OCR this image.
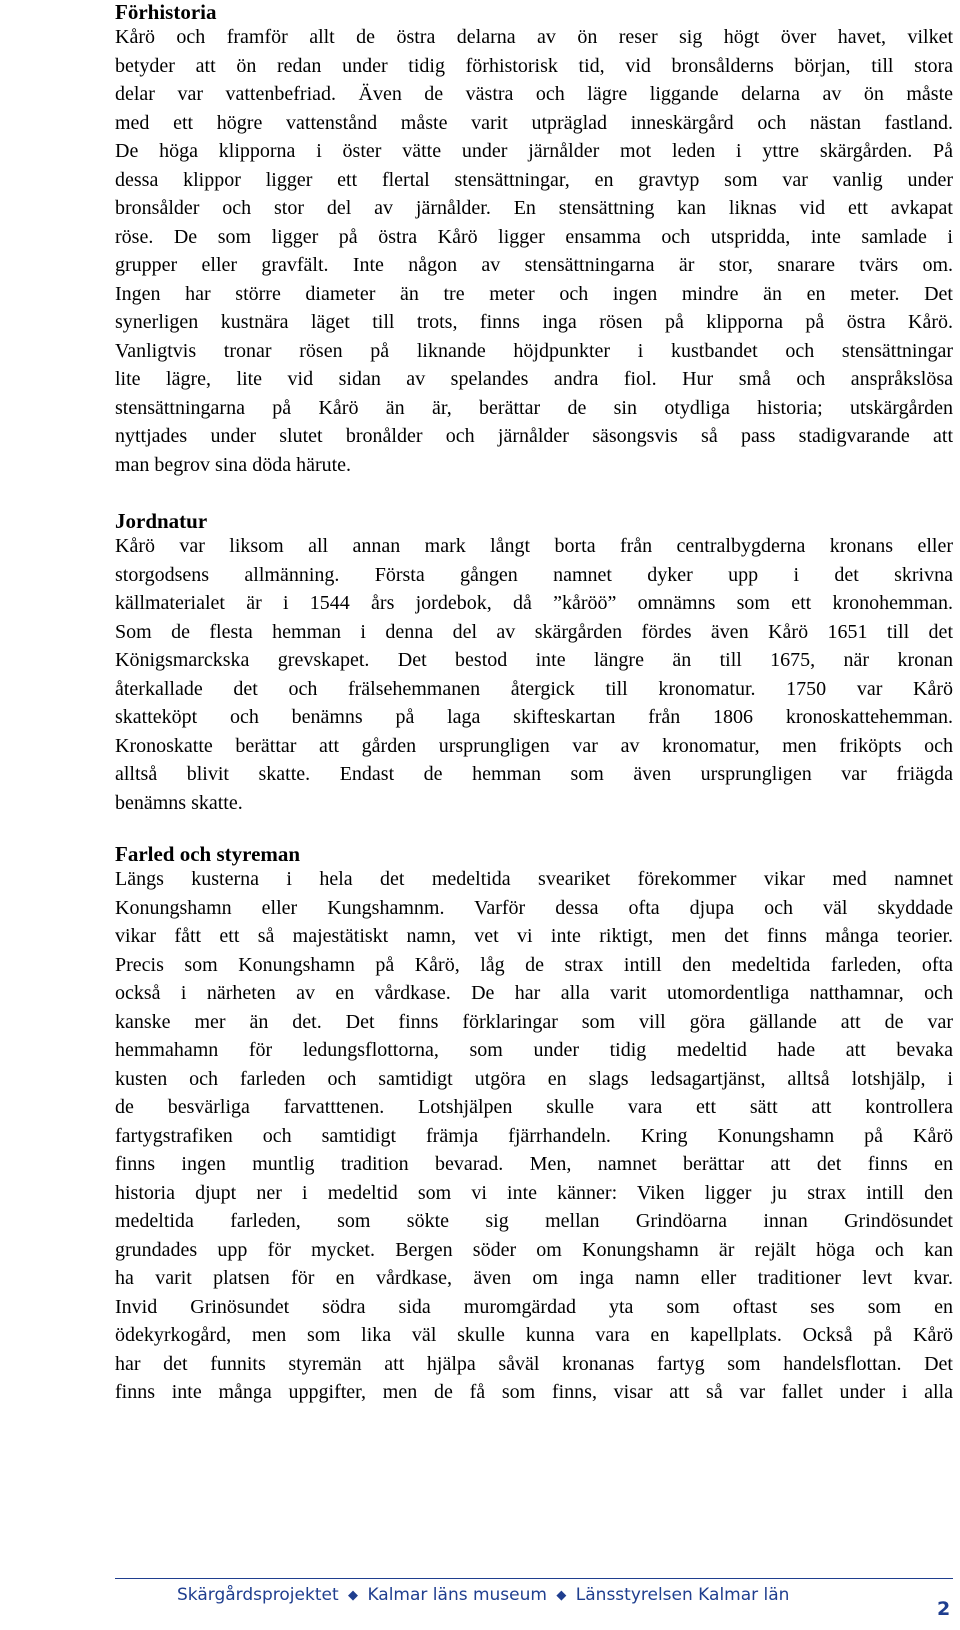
Förhistoria
Kårö och framför allt de östra delarna av ön reser sig högt över havet, vilket
betyder att ön redan under tidig förhistorisk tid, vid bronsålderns början, till stora
delar var vattenbefriad. Även de västra och lägre liggande delarna av ön måste
med ett högre vattenstånd måste varit utpräglad inneskärgård och nästan fastland.
De höga klipporna i öster vätte under järnålder mot leden i yttre skärgården. På
dessa klippor ligger ett flertal stensättningar, en gravtyp som var vanlig under
bronsålder och stor del av järnålder. En stensättning kan liknas vid ett avkapat
röse. De som ligger på östra Kårö ligger ensamma och utspridda, inte samlade i
grupper eller gravfält. Inte någon av stensättningarna är stor, snarare tvärs om.
Ingen har större diameter än tre meter och ingen mindre än en meter. Det
synerligen kustnära läget till trots, finns inga rösen på klipporna på östra Kårö.
Vanligtvis tronar rösen på liknande höjdpunkter i kustbandet och stensättningar
lite lägre, lite vid sidan av spelandes andra fiol. Hur små och anspråkslösa
stensättningarna på Kårö än är, berättar de sin otydliga historia; utskärgården
nyttjades under slutet bronålder och järnålder säsongsvis så pass stadigvarande att
man begrov sina döda härute.
Jordnatur
Kårö var liksom all annan mark långt borta från centralbygderna kronans eller
storgodsens allmänning. Första gången namnet dyker upp i det skrivna
källmaterialet är i 1544 års jordebok, då ”kåröö” omnämns som ett kronohemman.
Som de flesta hemman i denna del av skärgården fördes även Kårö 1651 till det
Königsmarckska grevskapet. Det bestod inte längre än till 1675, när kronan
återkallade det och frälsehemmanen återgick till kronomatur. 1750 var Kårö
skatteköpt och benämns på laga skifteskartan från 1806 kronoskattehemman.
Kronoskatte berättar att gården ursprungligen var av kronomatur, men friköpts och
alltså blivit skatte. Endast de hemman som även ursprungligen var friägda
benämns skatte.
Farled och styreman
Längs kusterna i hela det medeltida sveariket förekommer vikar med namnet
Konungshamn eller Kungshamnm. Varför dessa ofta djupa och väl skyddade
vikar fått ett så majestätiskt namn, vet vi inte riktigt, men det finns många teorier.
Precis som Konungshamn på Kårö, låg de strax intill den medeltida farleden, ofta
också i närheten av en vårdkase. De har alla varit utomordentliga natthamnar, och
kanske mer än det. Det finns förklaringar som vill göra gällande att de var
hemmahamn för ledungsflottorna, som under tidig medeltid hade att bevaka
kusten och farleden och samtidigt utgöra en slags ledsagartjänst, alltså lotshjälp, i
de besvärliga farvatttenen. Lotshjälpen skulle vara ett sätt att kontrollera
fartygstrafiken och samtidigt främja fjärrhandeln. Kring Konungshamn på Kårö
finns ingen muntlig tradition bevarad. Men, namnet berättar att det finns en
historia djupt ner i medeltid som vi inte känner: Viken ligger ju strax intill den
medeltida farleden, som sökte sig mellan Grindöarna innan Grindösundet
grundades upp för mycket. Bergen söder om Konungshamn är rejält höga och kan
ha varit platsen för en vårdkase, även om inga namn eller traditioner levt kvar.
Invid Grinösundet södra sida muromgärdad yta som oftast ses som en
ödekyrkogård, men som lika väl skulle kunna vara en kapellplats. Också på Kårö
har det funnits styremän att hjälpa såväl kronanas fartyg som handelsflottan. Det
finns inte många uppgifter, men de få som finns, visar att så var fallet under i alla
Skärgårdsprojektet ◆ Kalmar läns museum ◆ Länsstyrelsen Kalmar län
2
